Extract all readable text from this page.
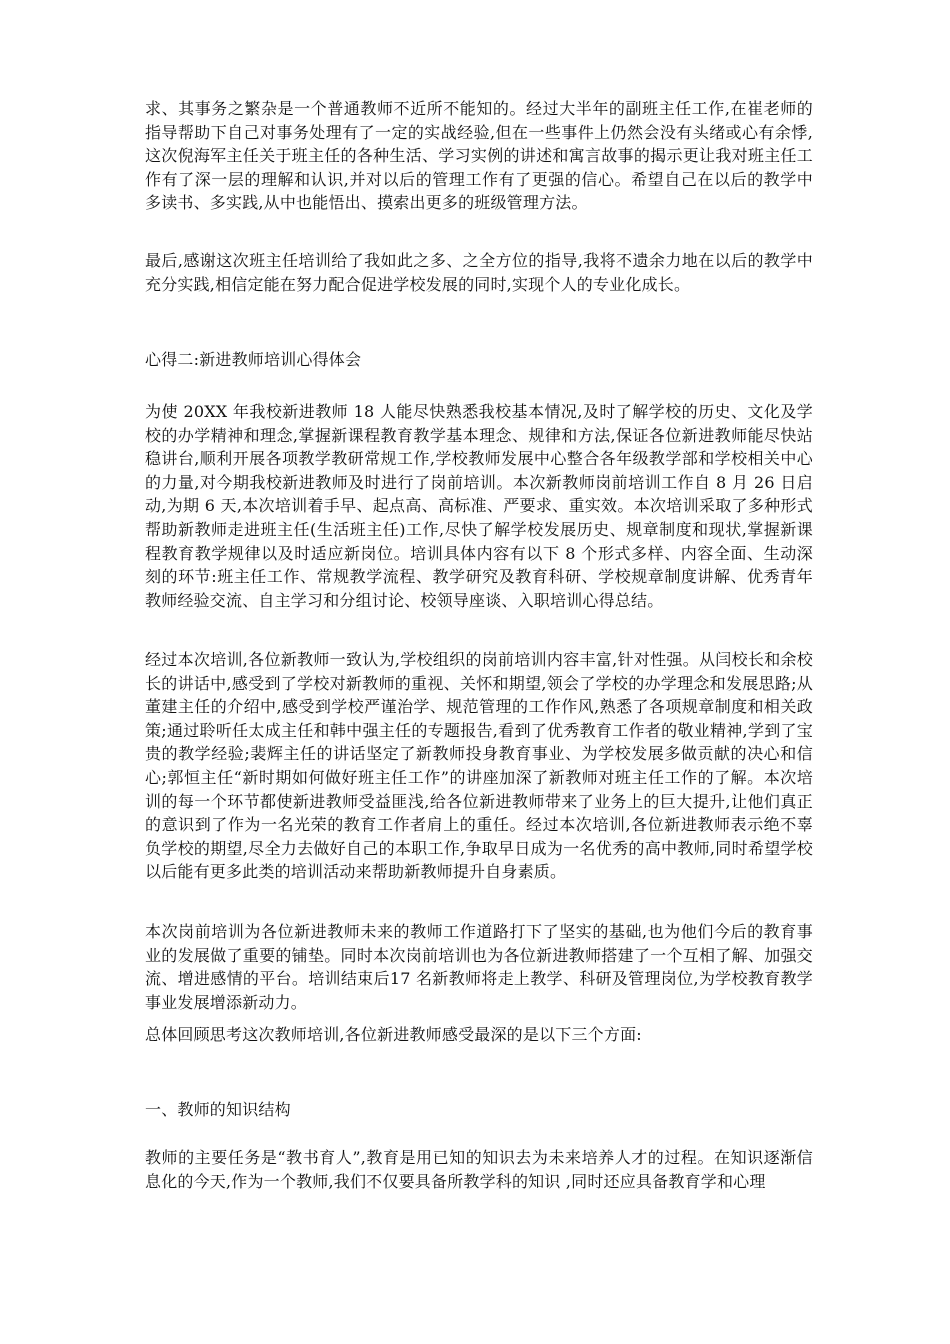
求、其事务之繁杂是一个普通教师不近所不能知的。经过大半年的副班主任工作,在崔老师的指导帮助下自己对事务处理有了一定的实战经验,但在一些事件上仍然会没有头绪或心有余悸,这次倪海军主任关于班主任的各种生活、学习实例的讲述和寓言故事的揭示更让我对班主任工作有了深一层的理解和认识,并对以后的管理工作有了更强的信心。希望自己在以后的教学中多读书、多实践,从中也能悟出、摸索出更多的班级管理方法。

最后,感谢这次班主任培训给了我如此之多、之全方位的指导,我将不遗余力地在以后的教学中充分实践,相信定能在努力配合促进学校发展的同时,实现个人的专业化成长。

心得二:新进教师培训心得体会

为使 20XX 年我校新进教师 18 人能尽快熟悉我校基本情况,及时了解学校的历史、文化及学校的办学精神和理念,掌握新课程教育教学基本理念、规律和方法,保证各位新进教师能尽快站稳讲台,顺利开展各项教学教研常规工作,学校教师发展中心整合各年级教学部和学校相关中心的力量,对今期我校新进教师及时进行了岗前培训。本次新教师岗前培训工作自 8 月 26 日启动,为期 6 天,本次培训着手早、起点高、高标准、严要求、重实效。本次培训采取了多种形式帮助新教师走进班主任(生活班主任)工作,尽快了解学校发展历史、规章制度和现状,掌握新课程教育教学规律以及时适应新岗位。培训具体内容有以下 8 个形式多样、内容全面、生动深刻的环节:班主任工作、常规教学流程、教学研究及教育科研、学校规章制度讲解、优秀青年教师经验交流、自主学习和分组讨论、校领导座谈、入职培训心得总结。

经过本次培训,各位新教师一致认为,学校组织的岗前培训内容丰富,针对性强。从闫校长和余校长的讲话中,感受到了学校对新教师的重视、关怀和期望,领会了学校的办学理念和发展思路;从董建主任的介绍中,感受到学校严谨治学、规范管理的工作作风,熟悉了各项规章制度和相关政策;通过聆听任太成主任和韩中强主任的专题报告,看到了优秀教育工作者的敬业精神,学到了宝贵的教学经验;裴辉主任的讲话坚定了新教师投身教育事业、为学校发展多做贡献的决心和信心;郭恒主任“新时期如何做好班主任工作”的讲座加深了新教师对班主任工作的了解。本次培训的每一个环节都使新进教师受益匪浅,给各位新进教师带来了业务上的巨大提升,让他们真正的意识到了作为一名光荣的教育工作者肩上的重任。经过本次培训,各位新进教师表示绝不辜负学校的期望,尽全力去做好自己的本职工作,争取早日成为一名优秀的高中教师,同时希望学校以后能有更多此类的培训活动来帮助新教师提升自身素质。

本次岗前培训为各位新进教师未来的教师工作道路打下了坚实的基础,也为他们今后的教育事业的发展做了重要的铺垫。同时本次岗前培训也为各位新进教师搭建了一个互相了解、加强交流、增进感情的平台。培训结束后17 名新教师将走上教学、科研及管理岗位,为学校教育教学事业发展增添新动力。

总体回顾思考这次教师培训,各位新进教师感受最深的是以下三个方面:

一、教师的知识结构

教师的主要任务是“教书育人”,教育是用已知的知识去为未来培养人才的过程。在知识逐渐信息化的今天,作为一个教师,我们不仅要具备所教学科的知识 ,同时还应具备教育学和心理
